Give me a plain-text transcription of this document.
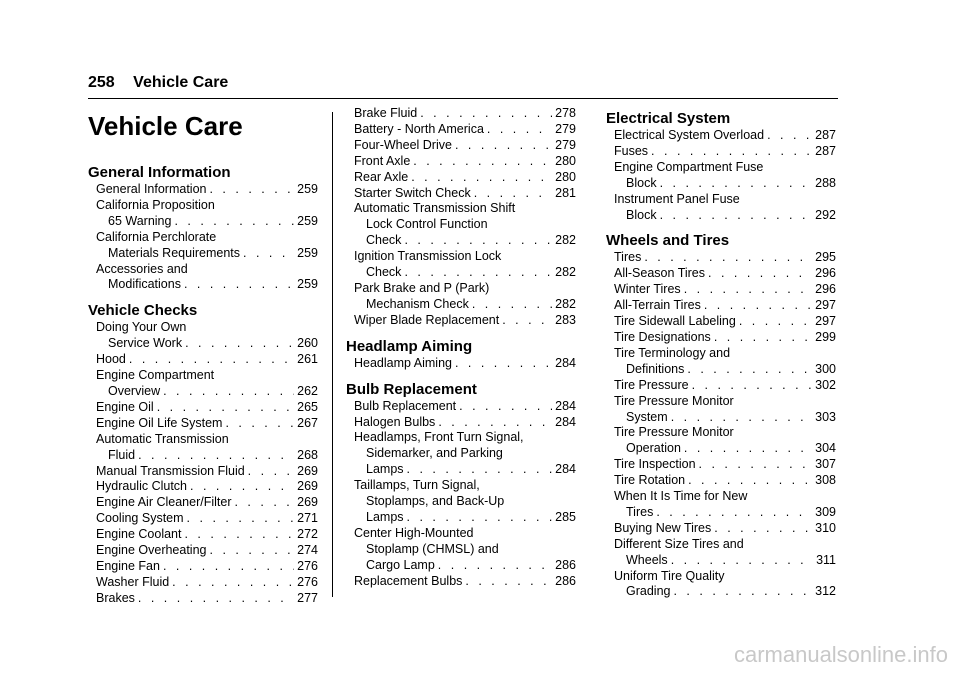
258 Vehicle Care
Vehicle Care
General Information
General Information . . .	259
California Proposition
65 Warning . . .	259
California Perchlorate
Materials Requirements . . .	259
Accessories and
Modifications . . .	259
Vehicle Checks
Doing Your Own
Service Work . . .	260
Hood . . .	261
Engine Compartment
Overview . . .	262
Engine Oil . . .	265
Engine Oil Life System . . .	267
Automatic Transmission
Fluid . . .	268
Manual Transmission Fluid . . .	269
Hydraulic Clutch . . .	269
Engine Air Cleaner/Filter . . .	269
Cooling System . . .	271
Engine Coolant . . .	272
Engine Overheating . . .	274
Engine Fan . . .	276
Washer Fluid . . .	276
Brakes . . .	277
Brake Fluid . . .	278
Battery - North America . . .	279
Four-Wheel Drive . . .	279
Front Axle . . .	280
Rear Axle . . .	280
Starter Switch Check . . .	281
Automatic Transmission Shift
Lock Control Function
Check . . .	282
Ignition Transmission Lock
Check . . .	282
Park Brake and P (Park)
Mechanism Check . . .	282
Wiper Blade Replacement . . .	283
Headlamp Aiming
Headlamp Aiming . . .	284
Bulb Replacement
Bulb Replacement . . .	284
Halogen Bulbs . . .	284
Headlamps, Front Turn Signal,
Sidemarker, and Parking
Lamps . . .	284
Taillamps, Turn Signal,
Stoplamps, and Back-Up
Lamps . . .	285
Center High-Mounted
Stoplamp (CHMSL) and
Cargo Lamp . . .	286
Replacement Bulbs . . .	286
Electrical System
Electrical System Overload . . .	287
Fuses . . .	287
Engine Compartment Fuse
Block . . .	288
Instrument Panel Fuse
Block . . .	292
Wheels and Tires
Tires . . .	295
All-Season Tires . . .	296
Winter Tires . . .	296
All-Terrain Tires . . .	297
Tire Sidewall Labeling . . .	297
Tire Designations . . .	299
Tire Terminology and
Definitions . . .	300
Tire Pressure . . .	302
Tire Pressure Monitor
System . . .	303
Tire Pressure Monitor
Operation . . .	304
Tire Inspection . . .	307
Tire Rotation . . .	308
When It Is Time for New
Tires . . .	309
Buying New Tires . . .	310
Different Size Tires and
Wheels . . .	311
Uniform Tire Quality
Grading . . .	312
carmanualsonline.info
